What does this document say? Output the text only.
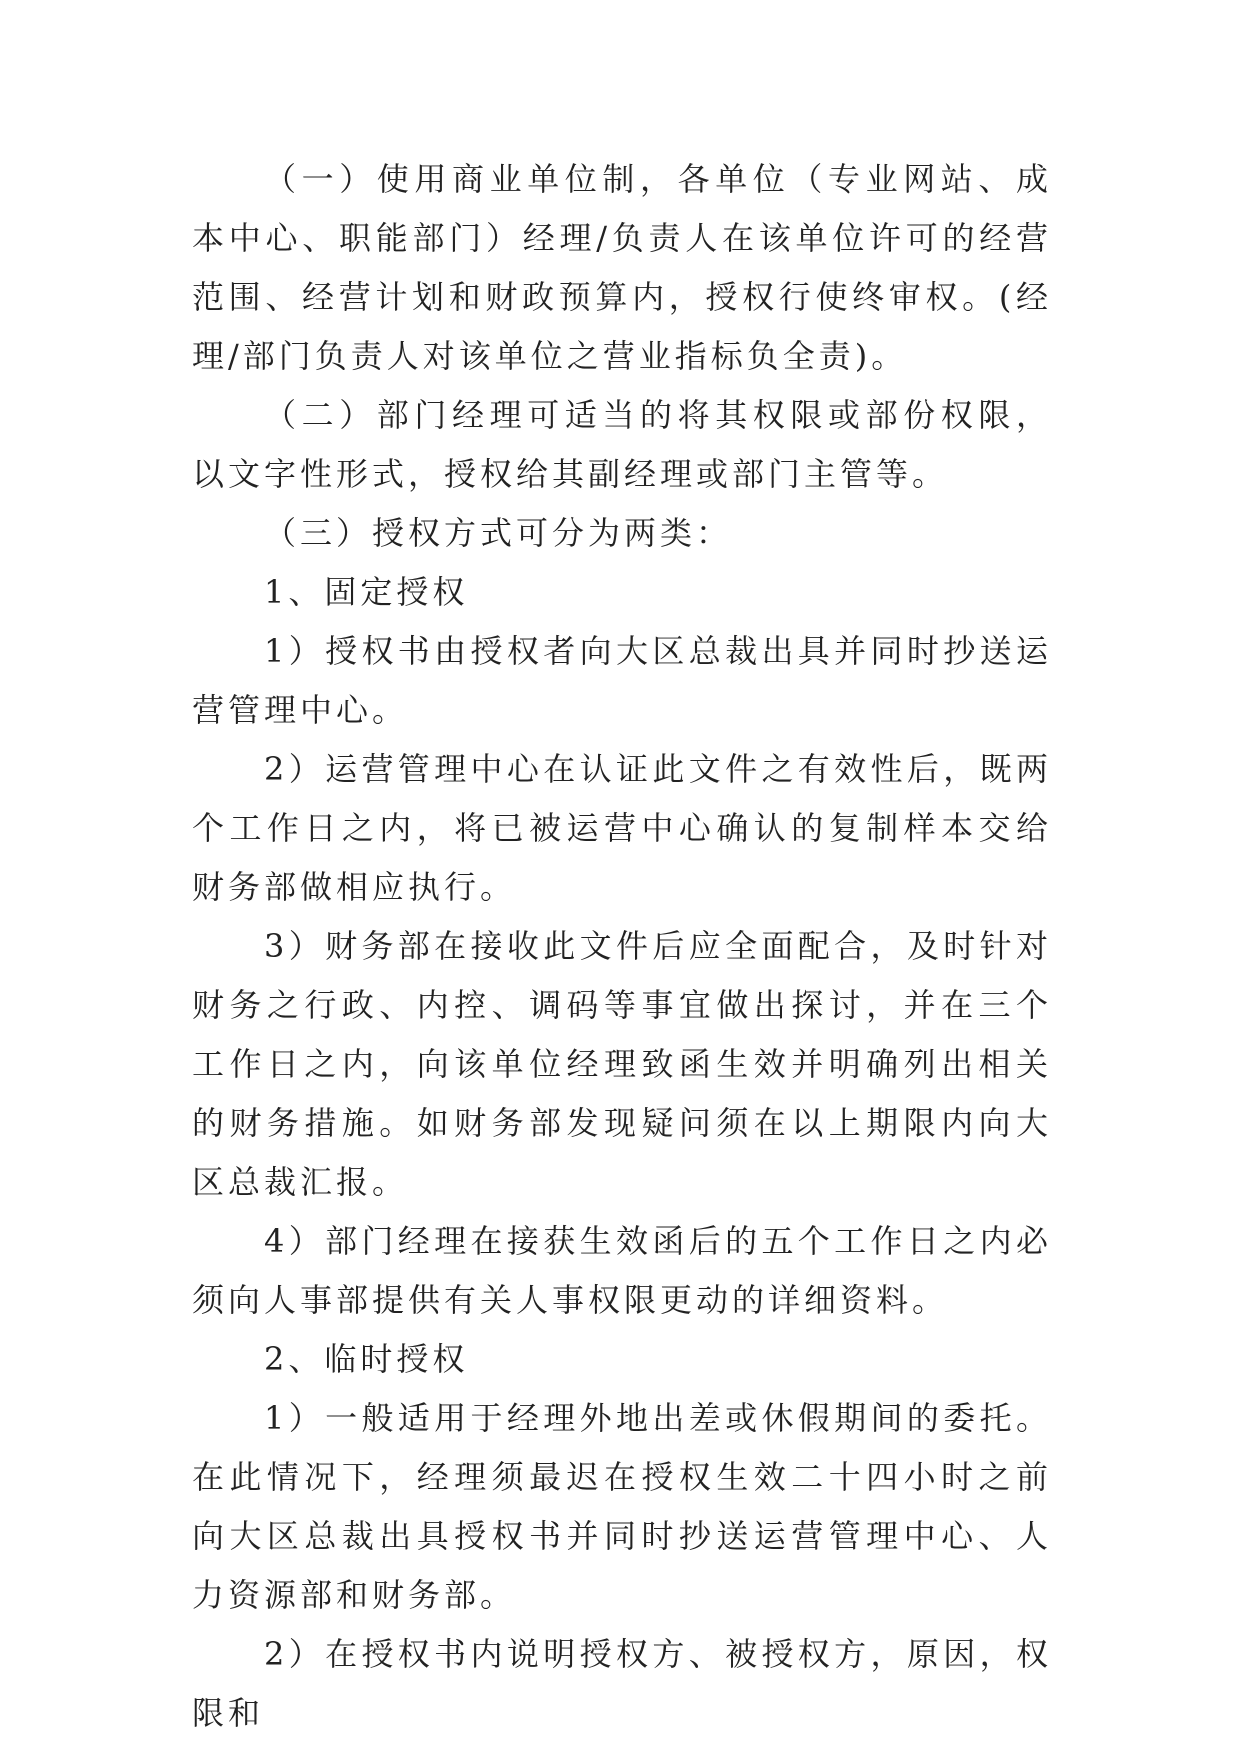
（一）使用商业单位制，各单位（专业网站、成本中心、职能部门）经理/负责人在该单位许可的经营范围、经营计划和财政预算内，授权行使终审权。(经理/部门负责人对该单位之营业指标负全责)。

（二）部门经理可适当的将其权限或部份权限，以文字性形式，授权给其副经理或部门主管等。

（三）授权方式可分为两类：

1、固定授权

1）授权书由授权者向大区总裁出具并同时抄送运营管理中心。

2）运营管理中心在认证此文件之有效性后，既两个工作日之内，将已被运营中心确认的复制样本交给财务部做相应执行。

3）财务部在接收此文件后应全面配合，及时针对财务之行政、内控、调码等事宜做出探讨，并在三个工作日之内，向该单位经理致函生效并明确列出相关的财务措施。如财务部发现疑问须在以上期限内向大区总裁汇报。

4）部门经理在接获生效函后的五个工作日之内必须向人事部提供有关人事权限更动的详细资料。

2、临时授权

1）一般适用于经理外地出差或休假期间的委托。在此情况下，经理须最迟在授权生效二十四小时之前向大区总裁出具授权书并同时抄送运营管理中心、人力资源部和财务部。

2）在授权书内说明授权方、被授权方，原因，权限和
